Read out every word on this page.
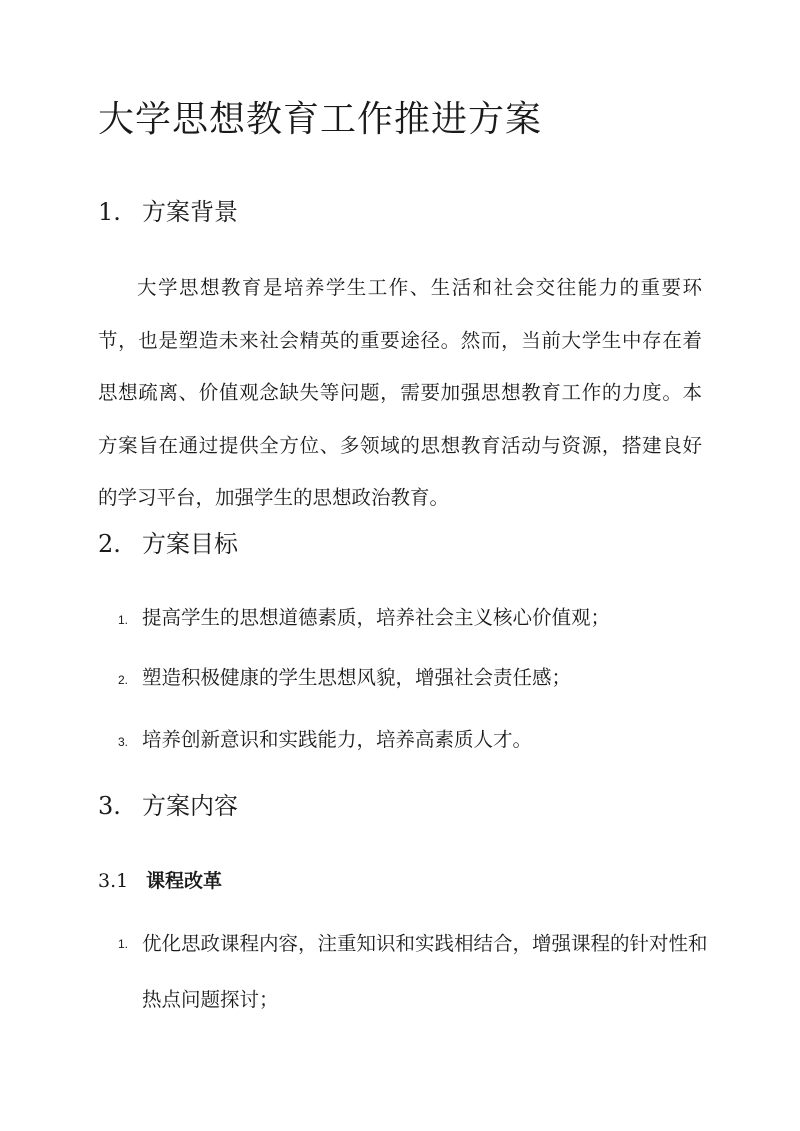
大学思想教育工作推进方案
1. 方案背景

大学思想教育是培养学生工作、生活和社会交往能力的重要环节，也是塑造未来社会精英的重要途径。然而，当前大学生中存在着思想疏离、价值观念缺失等问题，需要加强思想教育工作的力度。本方案旨在通过提供全方位、多领域的思想教育活动与资源，搭建良好的学习平台，加强学生的思想政治教育。

2. 方案目标

1. 提高学生的思想道德素质，培养社会主义核心价值观；

2. 塑造积极健康的学生思想风貌，增强社会责任感；

3. 培养创新意识和实践能力，培养高素质人才。

3. 方案内容
3.1 课程改革

1. 优化思政课程内容，注重知识和实践相结合，增强课程的针对性和热点问题探讨；
